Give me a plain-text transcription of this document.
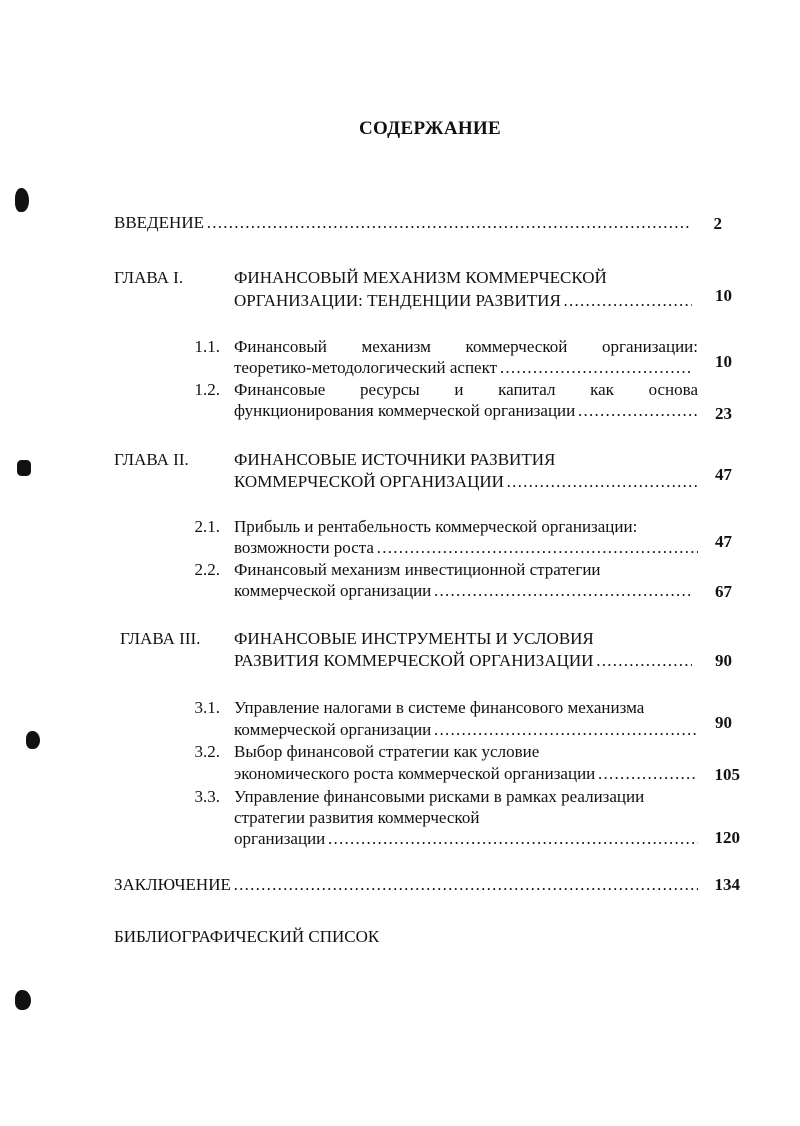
СОДЕРЖАНИЕ
ВВЕДЕНИЕ . . .	2
ГЛАВА I.	ФИНАНСОВЫЙ МЕХАНИЗМ КОММЕРЧЕСКОЙ
ОРГАНИЗАЦИИ: ТЕНДЕНЦИИ РАЗВИТИЯ . . .	10
1.1. Финансовый механизм коммерческой организации:
теоретико-методологический аспект . . .	10
1.2. Финансовые ресурсы и капитал как основа
функционирования коммерческой организации . . .	23
ГЛАВА II.	ФИНАНСОВЫЕ ИСТОЧНИКИ РАЗВИТИЯ
КОММЕРЧЕСКОЙ ОРГАНИЗАЦИИ . . .	47
2.1. Прибыль и рентабельность коммерческой организации:
возможности роста . . .	47
2.2. Финансовый механизм инвестиционной стратегии
коммерческой организации . . .	67
ГЛАВА III. ФИНАНСОВЫЕ ИНСТРУМЕНТЫ И УСЛОВИЯ
РАЗВИТИЯ КОММЕРЧЕСКОЙ ОРГАНИЗАЦИИ . . .	90
3.1. Управление налогами в системе финансового механизма
коммерческой организации . . .	90
3.2. Выбор финансовой стратегии как условие
экономического роста коммерческой организации . . .	105
3.3. Управление финансовыми рисками в рамках реализации
стратегии развития коммерческой
организации . . .	120
ЗАКЛЮЧЕНИЕ . . .	134
БИБЛИОГРАФИЧЕСКИЙ СПИСОК
